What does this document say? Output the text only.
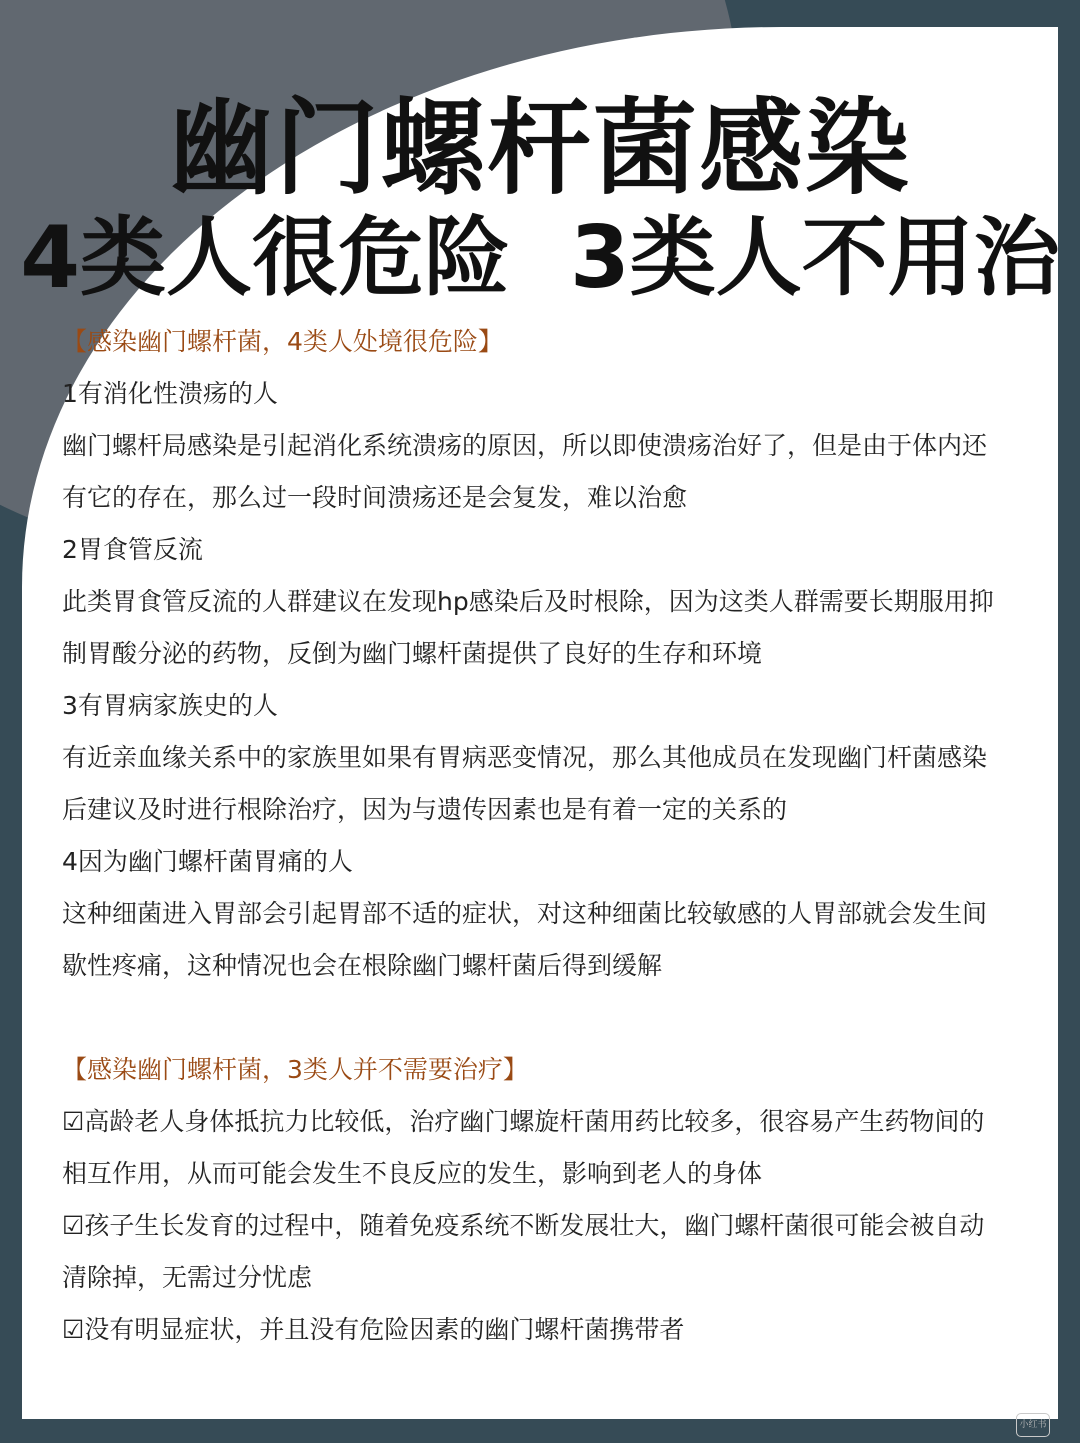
幽门螺杆菌感染
4类人很危险 3类人不用治
【感染幽门螺杆菌，4类人处境很危险】
1有消化性溃疡的人
幽门螺杆局感染是引起消化系统溃疡的原因，所以即使溃疡治好了，但是由于体内还
有它的存在，那么过一段时间溃疡还是会复发，难以治愈
2胃食管反流
此类胃食管反流的人群建议在发现hp感染后及时根除，因为这类人群需要长期服用抑
制胃酸分泌的药物，反倒为幽门螺杆菌提供了良好的生存和环境
3有胃病家族史的人
有近亲血缘关系中的家族里如果有胃病恶变情况，那么其他成员在发现幽门杆菌感染
后建议及时进行根除治疗，因为与遗传因素也是有着一定的关系的
4因为幽门螺杆菌胃痛的人
这种细菌进入胃部会引起胃部不适的症状，对这种细菌比较敏感的人胃部就会发生间
歇性疼痛，这种情况也会在根除幽门螺杆菌后得到缓解
【感染幽门螺杆菌，3类人并不需要治疗】
☑高龄老人身体抵抗力比较低，治疗幽门螺旋杆菌用药比较多，很容易产生药物间的
相互作用，从而可能会发生不良反应的发生，影响到老人的身体
☑孩子生长发育的过程中，随着免疫系统不断发展壮大，幽门螺杆菌很可能会被自动
清除掉，无需过分忧虑
☑没有明显症状，并且没有危险因素的幽门螺杆菌携带者
小红书
